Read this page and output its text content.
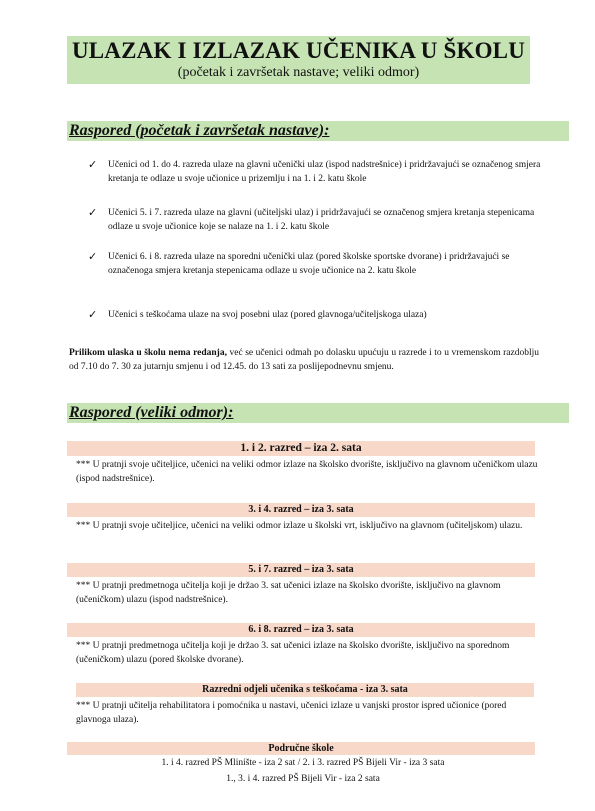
ULAZAK I IZLAZAK UČENIKA U ŠKOLU
(početak i završetak nastave; veliki odmor)
Raspored (početak i završetak nastave):
✓ Učenici od 1. do 4. razreda ulaze na glavni učenički ulaz (ispod nadstrešnice) i pridržavajući se označenog smjera kretanja te odlaze u svoje učionice u prizemlju i na 1. i 2. katu škole
✓ Učenici 5. i 7. razreda ulaze na glavni (učiteljski ulaz) i pridržavajući se označenog smjera kretanja stepenicama odlaze u svoje učionice koje se nalaze na 1. i 2. katu škole
✓ Učenici 6. i 8. razreda ulaze na sporedni učenički ulaz (pored školske sportske dvorane) i pridržavajući se označenoga smjera kretanja stepenicama odlaze u svoje učionice na 2. katu škole
✓ Učenici s teškoćama ulaze na svoj posebni ulaz (pored glavnoga/učiteljskoga ulaza)
Prilikom ulaska u školu nema redanja, već se učenici odmah po dolasku upućuju u razrede i to u vremenskom razdoblju od 7.10 do 7. 30 za jutarnju smjenu i od 12.45. do 13 sati za poslijepodnevnu smjenu.
Raspored (veliki odmor):
1. i 2. razred – iza 2. sata
*** U pratnji svoje učiteljice, učenici na veliki odmor izlaze na školsko dvorište, isključivo na glavnom učeničkom ulazu (ispod nadstrešnice).
3. i 4. razred – iza 3. sata
*** U pratnji svoje učiteljice, učenici na veliki odmor izlaze u školski vrt, isključivo na glavnom (učiteljskom) ulazu.
5. i 7. razred – iza 3. sata
*** U pratnji predmetnoga učitelja koji je držao 3. sat učenici izlaze na školsko dvorište, isključivo na glavnom (učeničkom) ulazu (ispod nadstrešnice).
6. i 8. razred – iza 3. sata
*** U pratnji predmetnoga učitelja koji je držao 3. sat učenici izlaze na školsko dvorište, isključivo na sporednom (učeničkom) ulazu (pored školske dvorane).
Razredni odjeli učenika s teškoćama - iza 3. sata
*** U pratnji učitelja rehabilitatora i pomoćnika u nastavi, učenici izlaze u vanjski prostor ispred učionice (pored glavnoga ulaza).
Područne škole
1. i 4. razred PŠ Mlinište - iza 2 sat / 2. i 3. razred PŠ Bijeli Vir - iza 3 sata
1., 3. i 4. razred PŠ Bijeli Vir - iza 2 sata
